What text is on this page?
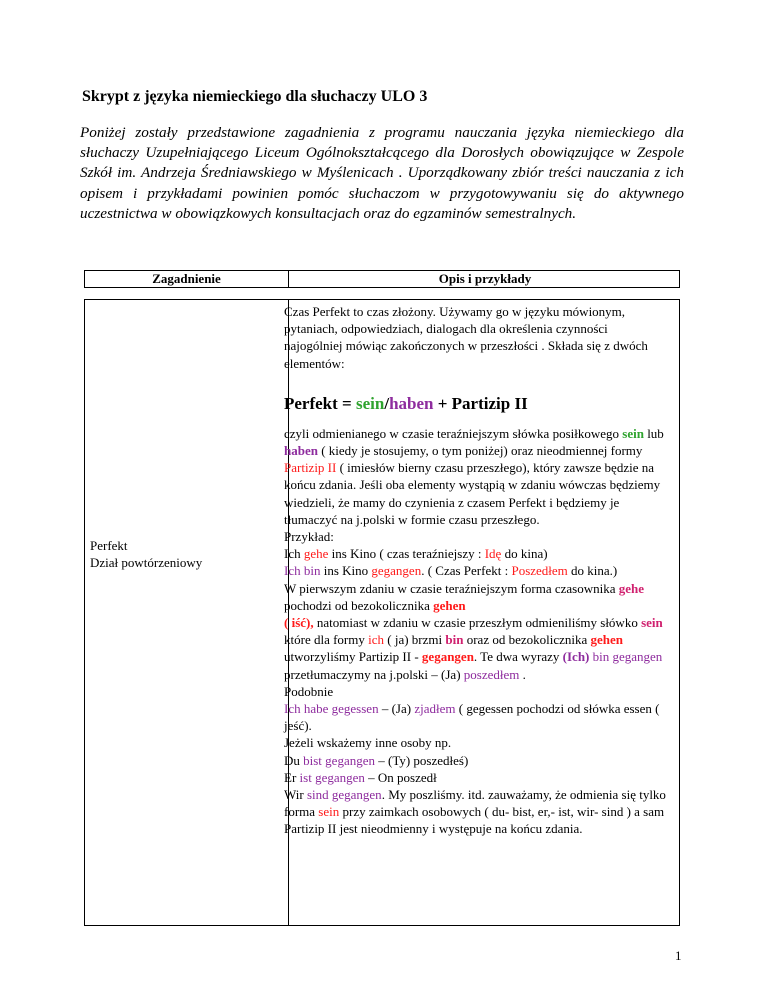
Skrypt z języka niemieckiego dla słuchaczy ULO 3

Poniżej zostały przedstawione zagadnienia z programu nauczania języka niemieckiego dla słuchaczy Uzupełniającego Liceum Ogólnokształcącego dla Dorosłych obowiązujące w Zespole Szkół im. Andrzeja Średniawskiego w Myślenicach . Uporządkowany zbiór treści nauczania z ich opisem i przykładami powinien pomóc słuchaczom w przygotowywaniu się do aktywnego uczestnictwa w obowiązkowych konsultacjach oraz do egzaminów semestralnych.

Zagadnienie	Opis i przykłady
Perfekt
Dział powtórzeniowy

Czas Perfekt to czas złożony. Używamy go w języku mówionym, pytaniach, odpowiedziach, dialogach dla określenia czynności najogólniej mówiąc zakończonych w przeszłości . Składa się z dwóch elementów:

Perfekt = sein/haben + Partizip II

czyli odmienianego w czasie teraźniejszym słówka posiłkowego sein lub haben ( kiedy je stosujemy, o tym poniżej) oraz nieodmiennej formy Partizip II ( imiesłów bierny czasu przeszłego), który zawsze będzie na końcu zdania. Jeśli oba elementy wystąpią w zdaniu wówczas będziemy wiedzieli, że mamy do czynienia z czasem Perfekt i będziemy je tłumaczyć na j.polski w formie czasu przeszłego.

Przykład:

Ich gehe ins Kino ( czas teraźniejszy : Idę do kina)

Ich bin ins Kino gegangen. ( Czas Perfekt : Poszedłem do kina.)

W pierwszym zdaniu w czasie teraźniejszym forma czasownika gehe pochodzi od bezokolicznika gehen
( iść), natomiast w zdaniu w czasie przeszłym odmieniliśmy słówko sein które dla formy ich ( ja) brzmi bin oraz od bezokolicznika gehen utworzyliśmy Partizip II - gegangen. Te dwa wyrazy (Ich) bin gegangen przetłumaczymy na j.polski – (Ja) poszedłem .

Podobnie

Ich habe gegessen – (Ja) zjadłem ( gegessen pochodzi od słówka essen ( jeść).

Jeżeli wskażemy inne osoby np.

Du bist gegangen – (Ty) poszedłeś)

Er ist gegangen – On poszedł

Wir sind gegangen. My poszliśmy. itd. zauważamy, że odmienia się tylko forma sein przy zaimkach osobowych ( du- bist, er,- ist, wir- sind ) a sam Partizip II jest nieodmienny i występuje na końcu zdania.

1
